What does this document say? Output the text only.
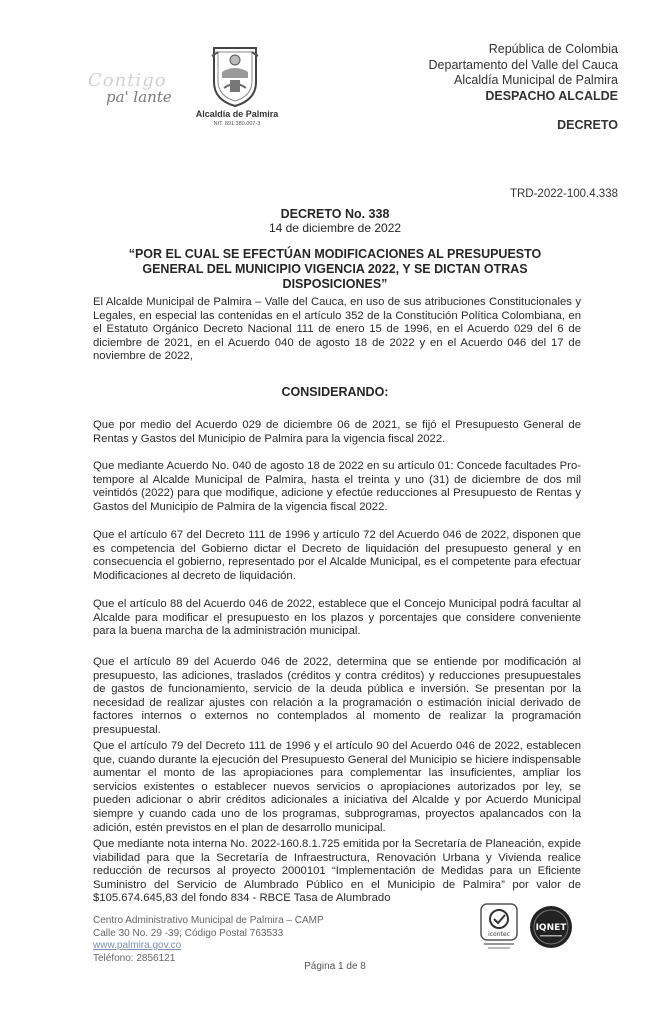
Contigo
pa' lante
Alcaldía de Palmira
NIT. 891.380.007-3
República de Colombia
Departamento del Valle del Cauca
Alcaldía Municipal de Palmira
DESPACHO ALCALDE
DECRETO
TRD-2022-100.4.338
DECRETO No. 338
14 de diciembre de 2022
“POR EL CUAL SE EFECTÚAN MODIFICACIONES AL PRESUPUESTO GENERAL DEL MUNICIPIO VIGENCIA 2022, Y SE DICTAN OTRAS DISPOSICIONES”
El Alcalde Municipal de Palmira – Valle del Cauca, en uso de sus atribuciones Constitucionales y Legales, en especial las contenidas en el artículo 352 de la Constitución Política Colombiana, en el Estatuto Orgánico Decreto Nacional 111 de enero 15 de 1996, en el Acuerdo 029 del 6 de diciembre de 2021, en el Acuerdo 040 de agosto 18 de 2022 y en el Acuerdo 046 del 17 de noviembre de 2022,
CONSIDERANDO:
Que por medio del Acuerdo 029 de diciembre 06 de 2021, se fijó el Presupuesto General de Rentas y Gastos del Municipio de Palmira para la vigencia fiscal 2022.
Que mediante Acuerdo No. 040 de agosto 18 de 2022 en su artículo 01: Concede facultades Pro-tempore al Alcalde Municipal de Palmira, hasta el treinta y uno (31) de diciembre de dos mil veintidós (2022) para que modifique, adicione y efectúe reducciones al Presupuesto de Rentas y Gastos del Municipio de Palmira de la vigencia fiscal 2022.
Que el artículo 67 del Decreto 111 de 1996 y artículo 72 del Acuerdo 046 de 2022, disponen que es competencia del Gobierno dictar el Decreto de liquidación del presupuesto general y en consecuencia el gobierno, representado por el Alcalde Municipal, es el competente para efectuar Modificaciones al decreto de liquidación.
Que el artículo 88 del Acuerdo 046 de 2022, establece que el Concejo Municipal podrá facultar al Alcalde para modificar el presupuesto en los plazos y porcentajes que considere conveniente para la buena marcha de la administración municipal.
Que el artículo 89 del Acuerdo 046 de 2022, determina que se entiende por modificación al presupuesto, las adiciones, traslados (créditos y contra créditos) y reducciones presupuestales de gastos de funcionamiento, servicio de la deuda pública e inversión. Se presentan por la necesidad de realizar ajustes con relación a la programación o estimación inicial derivado de factores internos o externos no contemplados al momento de realizar la programación presupuestal.
Que el artículo 79 del Decreto 111 de 1996 y el artículo 90 del Acuerdo 046 de 2022, establecen que, cuando durante la ejecución del Presupuesto General del Municipio se hiciere indispensable aumentar el monto de las apropiaciones para complementar las insuficientes, ampliar los servicios existentes o establecer nuevos servicios o apropiaciones autorizados por ley, se pueden adicionar o abrir créditos adicionales a iniciativa del Alcalde y por Acuerdo Municipal siempre y cuando cada uno de los programas, subprogramas, proyectos apalancados con la adición, estén previstos en el plan de desarrollo municipal.
Que mediante nota interna No. 2022-160.8.1.725 emitida por la Secretaría de Planeación, expide viabilidad para que la Secretaría de Infraestructura, Renovación Urbana y Vivienda realice reducción de recursos al proyecto 2000101 “Implementación de Medidas para un Eficiente Suministro del Servicio de Alumbrado Público en el Municipio de Palmira” por valor de $105.674.645,83 del fondo 834 - RBCE Tasa de Alumbrado
Centro Administrativo Municipal de Palmira – CAMP
Calle 30 No. 29 -39; Código Postal 763533
www.palmira.gov.co
Teléfono: 2856121
icontec
IQNET
Página 1 de 8
